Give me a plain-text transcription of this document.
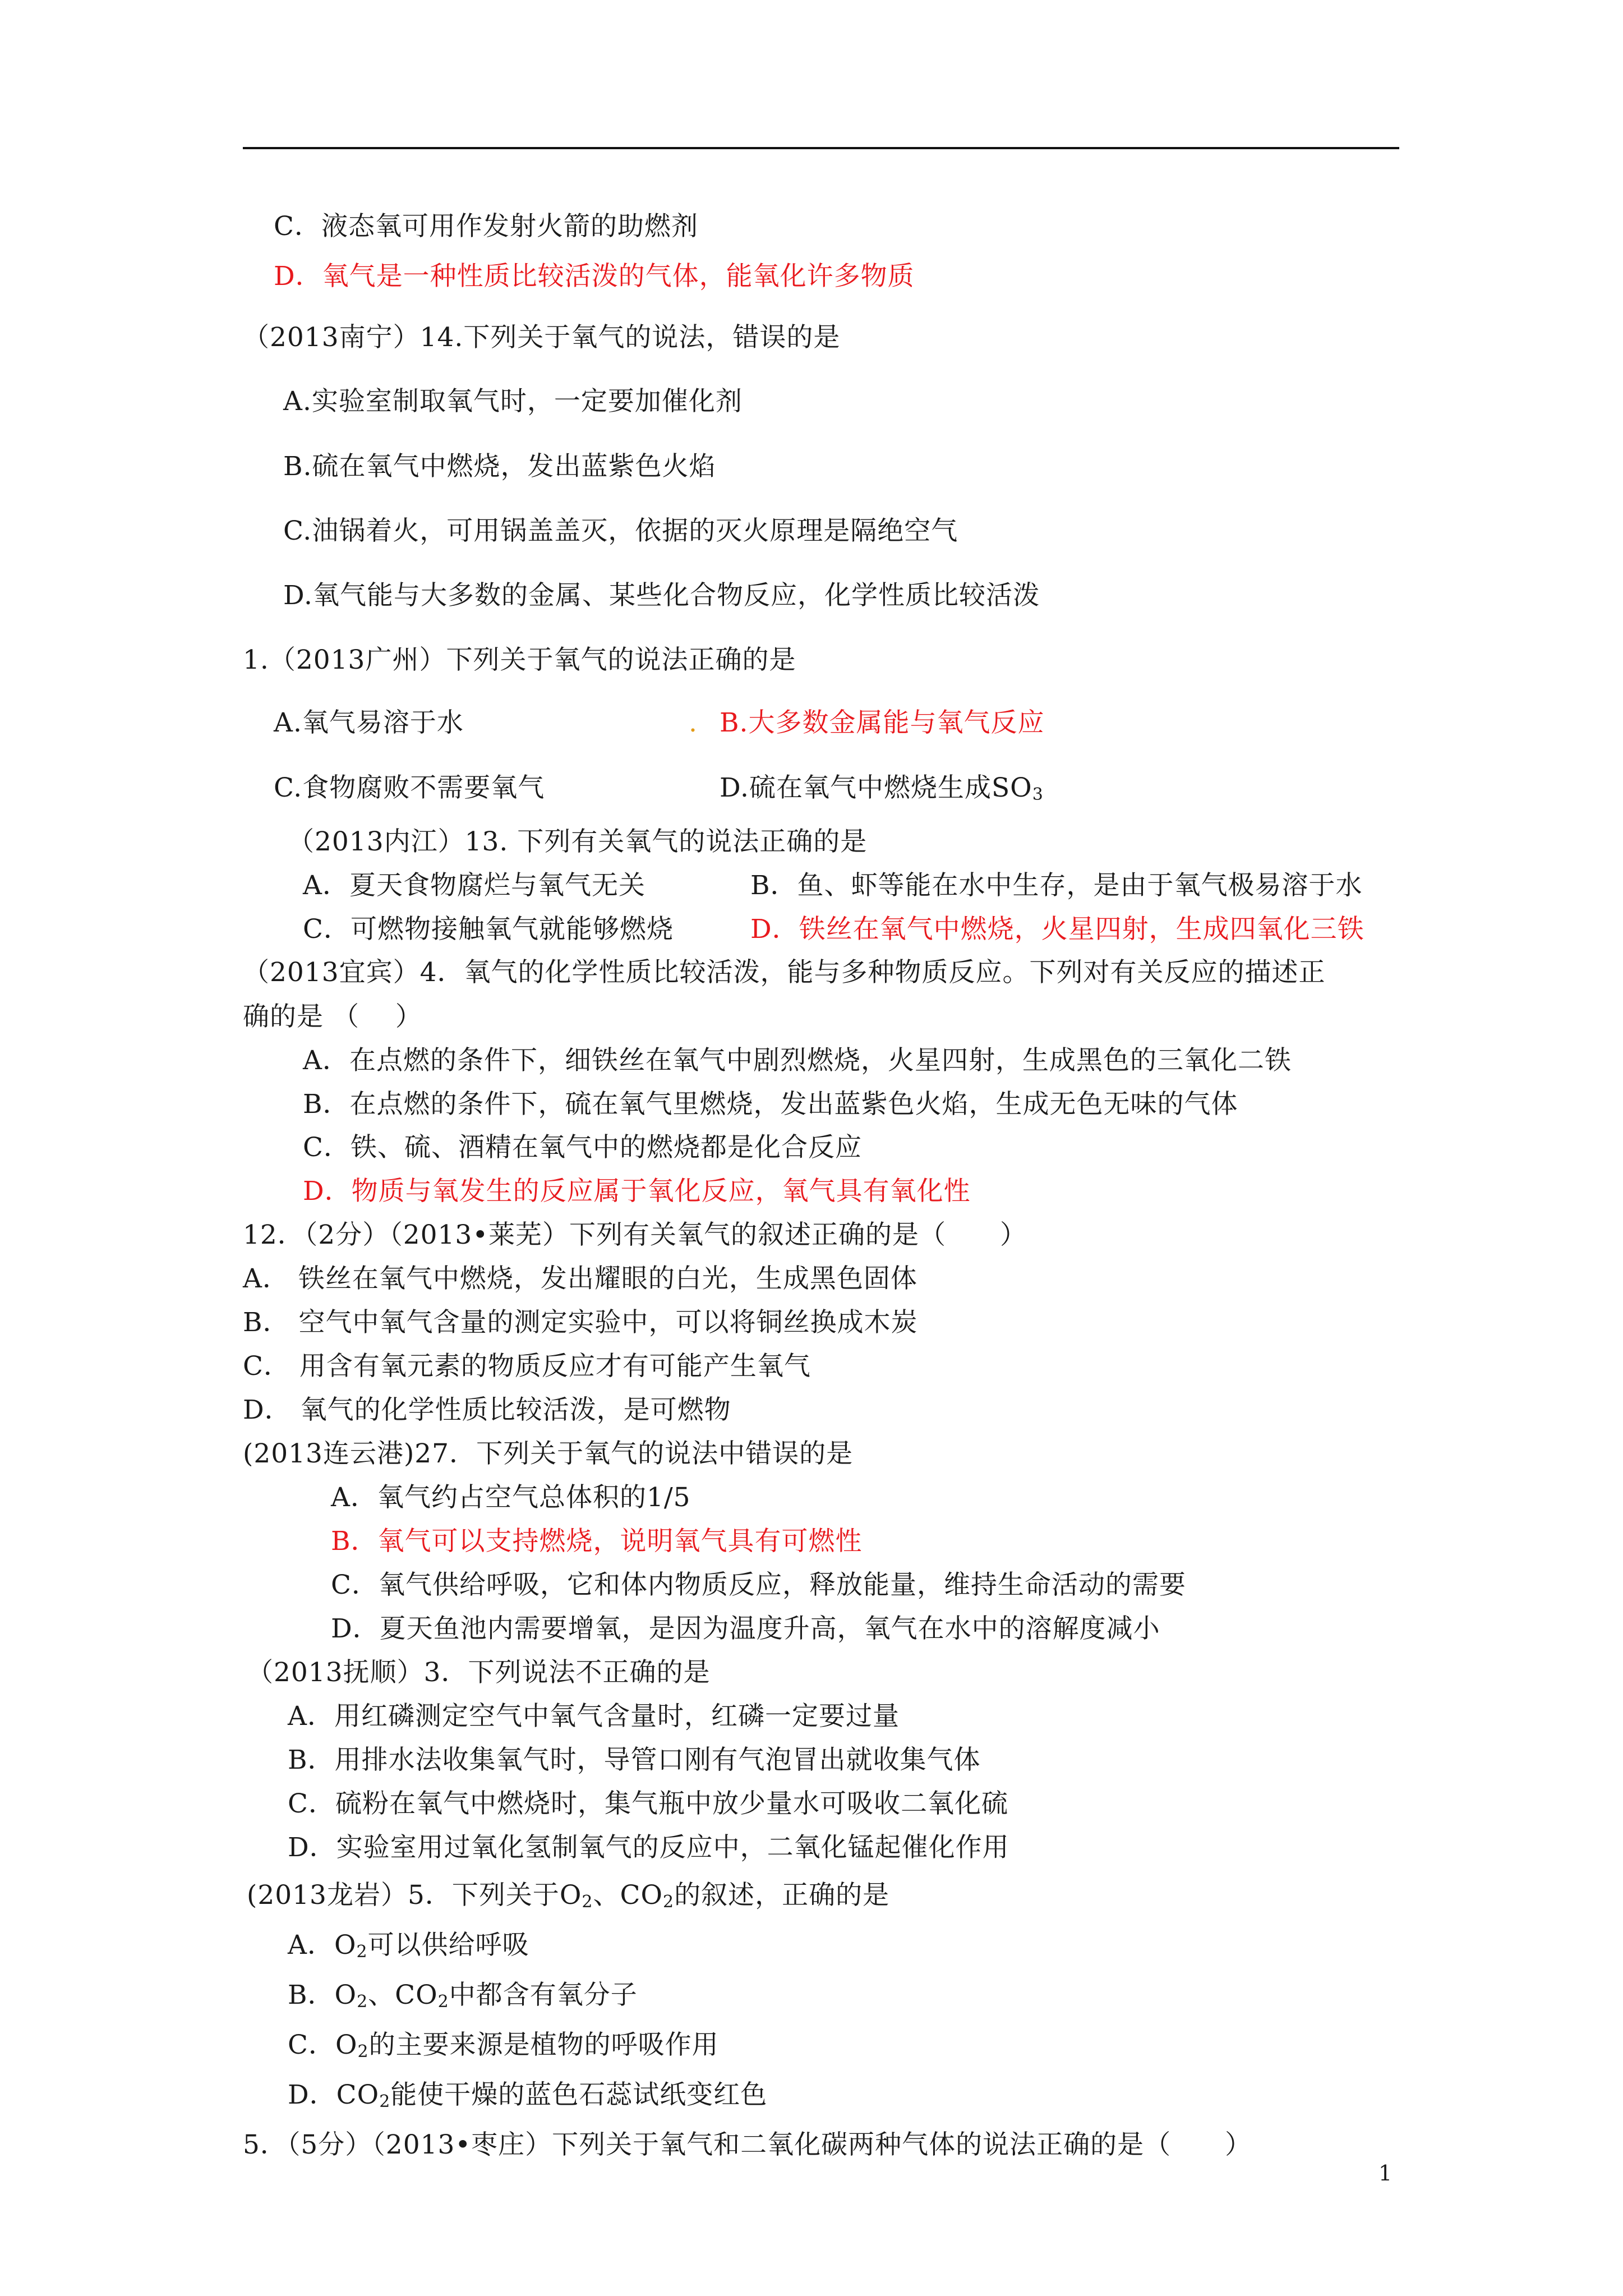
C．液态氧可用作发射火箭的助燃剂
D．氧气是一种性质比较活泼的气体，能氧化许多物质
（2013南宁）14.下列关于氧气的说法，错误的是
A.实验室制取氧气时，一定要加催化剂
B.硫在氧气中燃烧，发出蓝紫色火焰
C.油锅着火，可用锅盖盖灭，依据的灭火原理是隔绝空气
D.氧气能与大多数的金属、某些化合物反应，化学性质比较活泼
1.（2013广州）下列关于氧气的说法正确的是
A.氧气易溶于水	. B.大多数金属能与氧气反应
C.食物腐败不需要氧气	D.硫在氧气中燃烧生成$SO_3$
（2013内江）13. 下列有关氧气的说法正确的是
A．夏天食物腐烂与氧气无关	B．鱼、虾等能在水中生存，是由于氧气极易溶于水
C．可燃物接触氧气就能够燃烧	D．铁丝在氧气中燃烧，火星四射，生成四氧化三铁
（2013宜宾）4．氧气的化学性质比较活泼，能与多种物质反应。下列对有关反应的描述正
确的是 （　 ）
A．在点燃的条件下，细铁丝在氧气中剧烈燃烧，火星四射，生成黑色的三氧化二铁
B．在点燃的条件下，硫在氧气里燃烧，发出蓝紫色火焰，生成无色无味的气体
C．铁、硫、酒精在氧气中的燃烧都是化合反应
D．物质与氧发生的反应属于氧化反应，氧气具有氧化性
12．（2分）（2013•莱芜）下列有关氧气的叙述正确的是（　　）
A． 铁丝在氧气中燃烧，发出耀眼的白光，生成黑色固体
B． 空气中氧气含量的测定实验中，可以将铜丝换成木炭
C． 用含有氧元素的物质反应才有可能产生氧气
D． 氧气的化学性质比较活泼，是可燃物
(2013连云港)27．下列关于氧气的说法中错误的是
A．氧气约占空气总体积的1/5
B．氧气可以支持燃烧，说明氧气具有可燃性
C．氧气供给呼吸，它和体内物质反应，释放能量，维持生命活动的需要
D．夏天鱼池内需要增氧，是因为温度升高，氧气在水中的溶解度减小
（2013抚顺）3．下列说法不正确的是
A．用红磷测定空气中氧气含量时，红磷一定要过量
B．用排水法收集氧气时，导管口刚有气泡冒出就收集气体
C．硫粉在氧气中燃烧时，集气瓶中放少量水可吸收二氧化硫
D．实验室用过氧化氢制氧气的反应中，二氧化锰起催化作用
(2013龙岩）5．下列关于$O_2$、$CO_2$的叙述，正确的是
A．$O_2$可以供给呼吸
B．$O_2$、$CO_2$中都含有氧分子
C．$O_2$的主要来源是植物的呼吸作用
D．$CO_2$能使干燥的蓝色石蕊试纸变红色
5．（5分）（2013•枣庄）下列关于氧气和二氧化碳两种气体的说法正确的是（　　）
1
